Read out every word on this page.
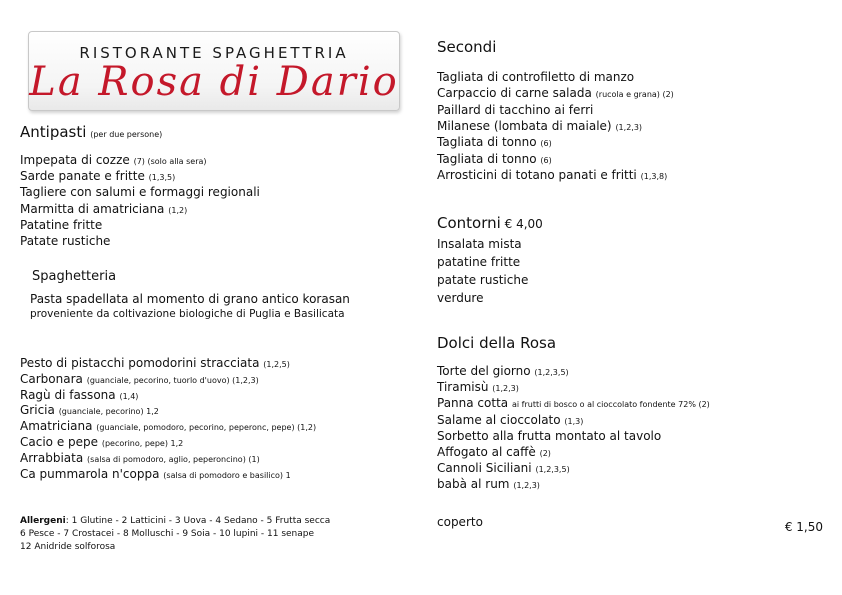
RISTORANTE SPAGHETTRIA
La Rosa di Dario
Antipasti (per due persone)
Impepata di cozze (7) (solo alla sera)
Sarde panate e fritte (1,3,5)
Tagliere con salumi e formaggi regionali
Marmitta di amatriciana (1,2)
Patatine fritte
Patate rustiche
Spaghetteria
Pasta spadellata al momento di grano antico korasan
proveniente da coltivazione biologiche di Puglia e Basilicata
Pesto di pistacchi pomodorini stracciata (1,2,5)
Carbonara (guanciale, pecorino, tuorlo d'uovo) (1,2,3)
Ragù di fassona (1,4)
Gricia (guanciale, pecorino) 1,2
Amatriciana (guanciale, pomodoro, pecorino, peperonc, pepe) (1,2)
Cacio e pepe (pecorino, pepe) 1,2
Arrabbiata (salsa di pomodoro, aglio, peperoncino) (1)
Ca pummarola n'coppa (salsa di pomodoro e basilico) 1
Allergeni: 1 Glutine - 2 Latticini - 3 Uova - 4 Sedano - 5 Frutta secca
6 Pesce - 7 Crostacei - 8 Molluschi - 9 Soia - 10 lupini - 11 senape
12 Anidride solforosa
Secondi
Tagliata di controfiletto di manzo
Carpaccio di carne salada (rucola e grana) (2)
Paillard di tacchino ai ferri
Milanese (lombata di maiale) (1,2,3)
Tagliata di tonno (6)
Tagliata di tonno (6)
Arrosticini di totano panati e fritti (1,3,8)
Contorni € 4,00
Insalata mista
patatine fritte
patate rustiche
verdure
Dolci della Rosa
Torte del giorno (1,2,3,5)
Tiramisù (1,2,3)
Panna cotta ai frutti di bosco o al cioccolato fondente 72% (2)
Salame al cioccolato (1,3)
Sorbetto alla frutta montato al tavolo
Affogato al caffè (2)
Cannoli Siciliani (1,2,3,5)
babà al rum (1,2,3)
coperto	€ 1,50
